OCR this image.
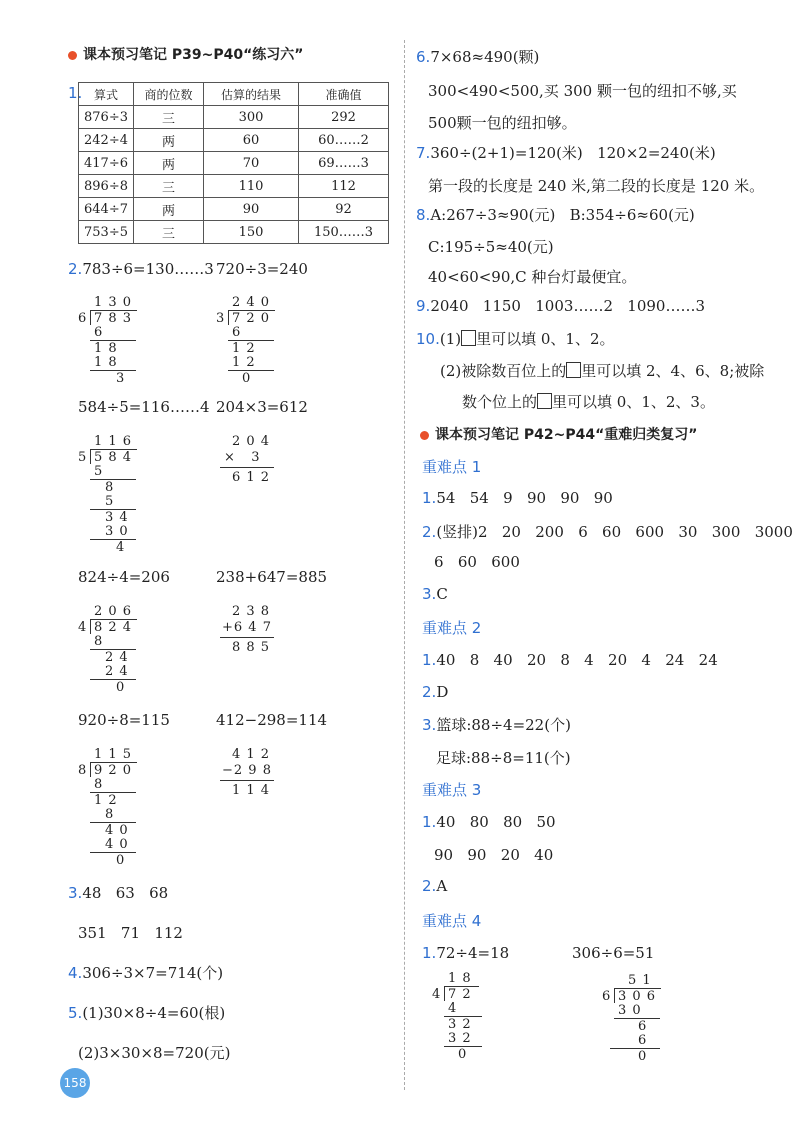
课本预习笔记 P39~P40“练习六”
1. 算式	商的位数	估算的结果	准确值
876÷3	三	300	292
242÷4	两	60	60……2
417÷6	两	70	69……3
896÷8	三	110	112
644÷7	两	90	92
753÷5	三	150	150……3
2.783÷6=130……3 720÷3=240
1 3 0
6 7 8 3
6
1 8
1 8
3
2 4 0
3 7 2 0
6
1 2
1 2
0
584÷5=116……4 204×3=612
1 1 6
5 5 8 4
5
8
5
3 4
3 0
4
2 0 4
×   3
6 1 2
824÷4=206	238+647=885
2 0 6
4 8 2 4
8
2 4
2 4
0
2 3 8
+6 4 7
8 8 5
920÷8=115	412−298=114
1 1 5
8 9 2 0
8
1 2
8
4 0
4 0
0
4 1 2
−2 9 8
1 1 4
3.48   63   68
351   71   112
4.306÷3×7=714(个)
5.(1)30×8÷4=60(根)
(2)3×30×8=720(元)
6.7×68≈490(颗)
300<490<500,买 300 颗一包的纽扣不够,买
500颗一包的纽扣够。
7.360÷(2+1)=120(米)   120×2=240(米)
第一段的长度是 240 米,第二段的长度是 120 米。
8.A:267÷3≈90(元)   B:354÷6≈60(元)
C:195÷5≈40(元)
40<60<90,C 种台灯最便宜。
9.2040   1150   1003……2   1090……3
10.(1) 里可以填 0、1、2。
(2)被除数百位上的 里可以填 2、4、6、8;被除
数个位上的 里可以填 0、1、2、3。
课本预习笔记 P42~P44“重难归类复习”
重难点 1
1.54   54   9   90   90   90
2.(竖排)2   20   200   6   60   600   30   300   3000
6   60   600
3.C
重难点 2
1.40   8   40   20   8   4   20   4   24   24
2.D
3.篮球:88÷4=22(个)
足球:88÷8=11(个)
重难点 3
1.40   80   80   50
90   90   20   40
2.A
重难点 4
1.72÷4=18	306÷6=51
1 8
4 7 2
4
3 2
3 2
0
5 1
6 3 0 6
3 0
6
6
0
158
